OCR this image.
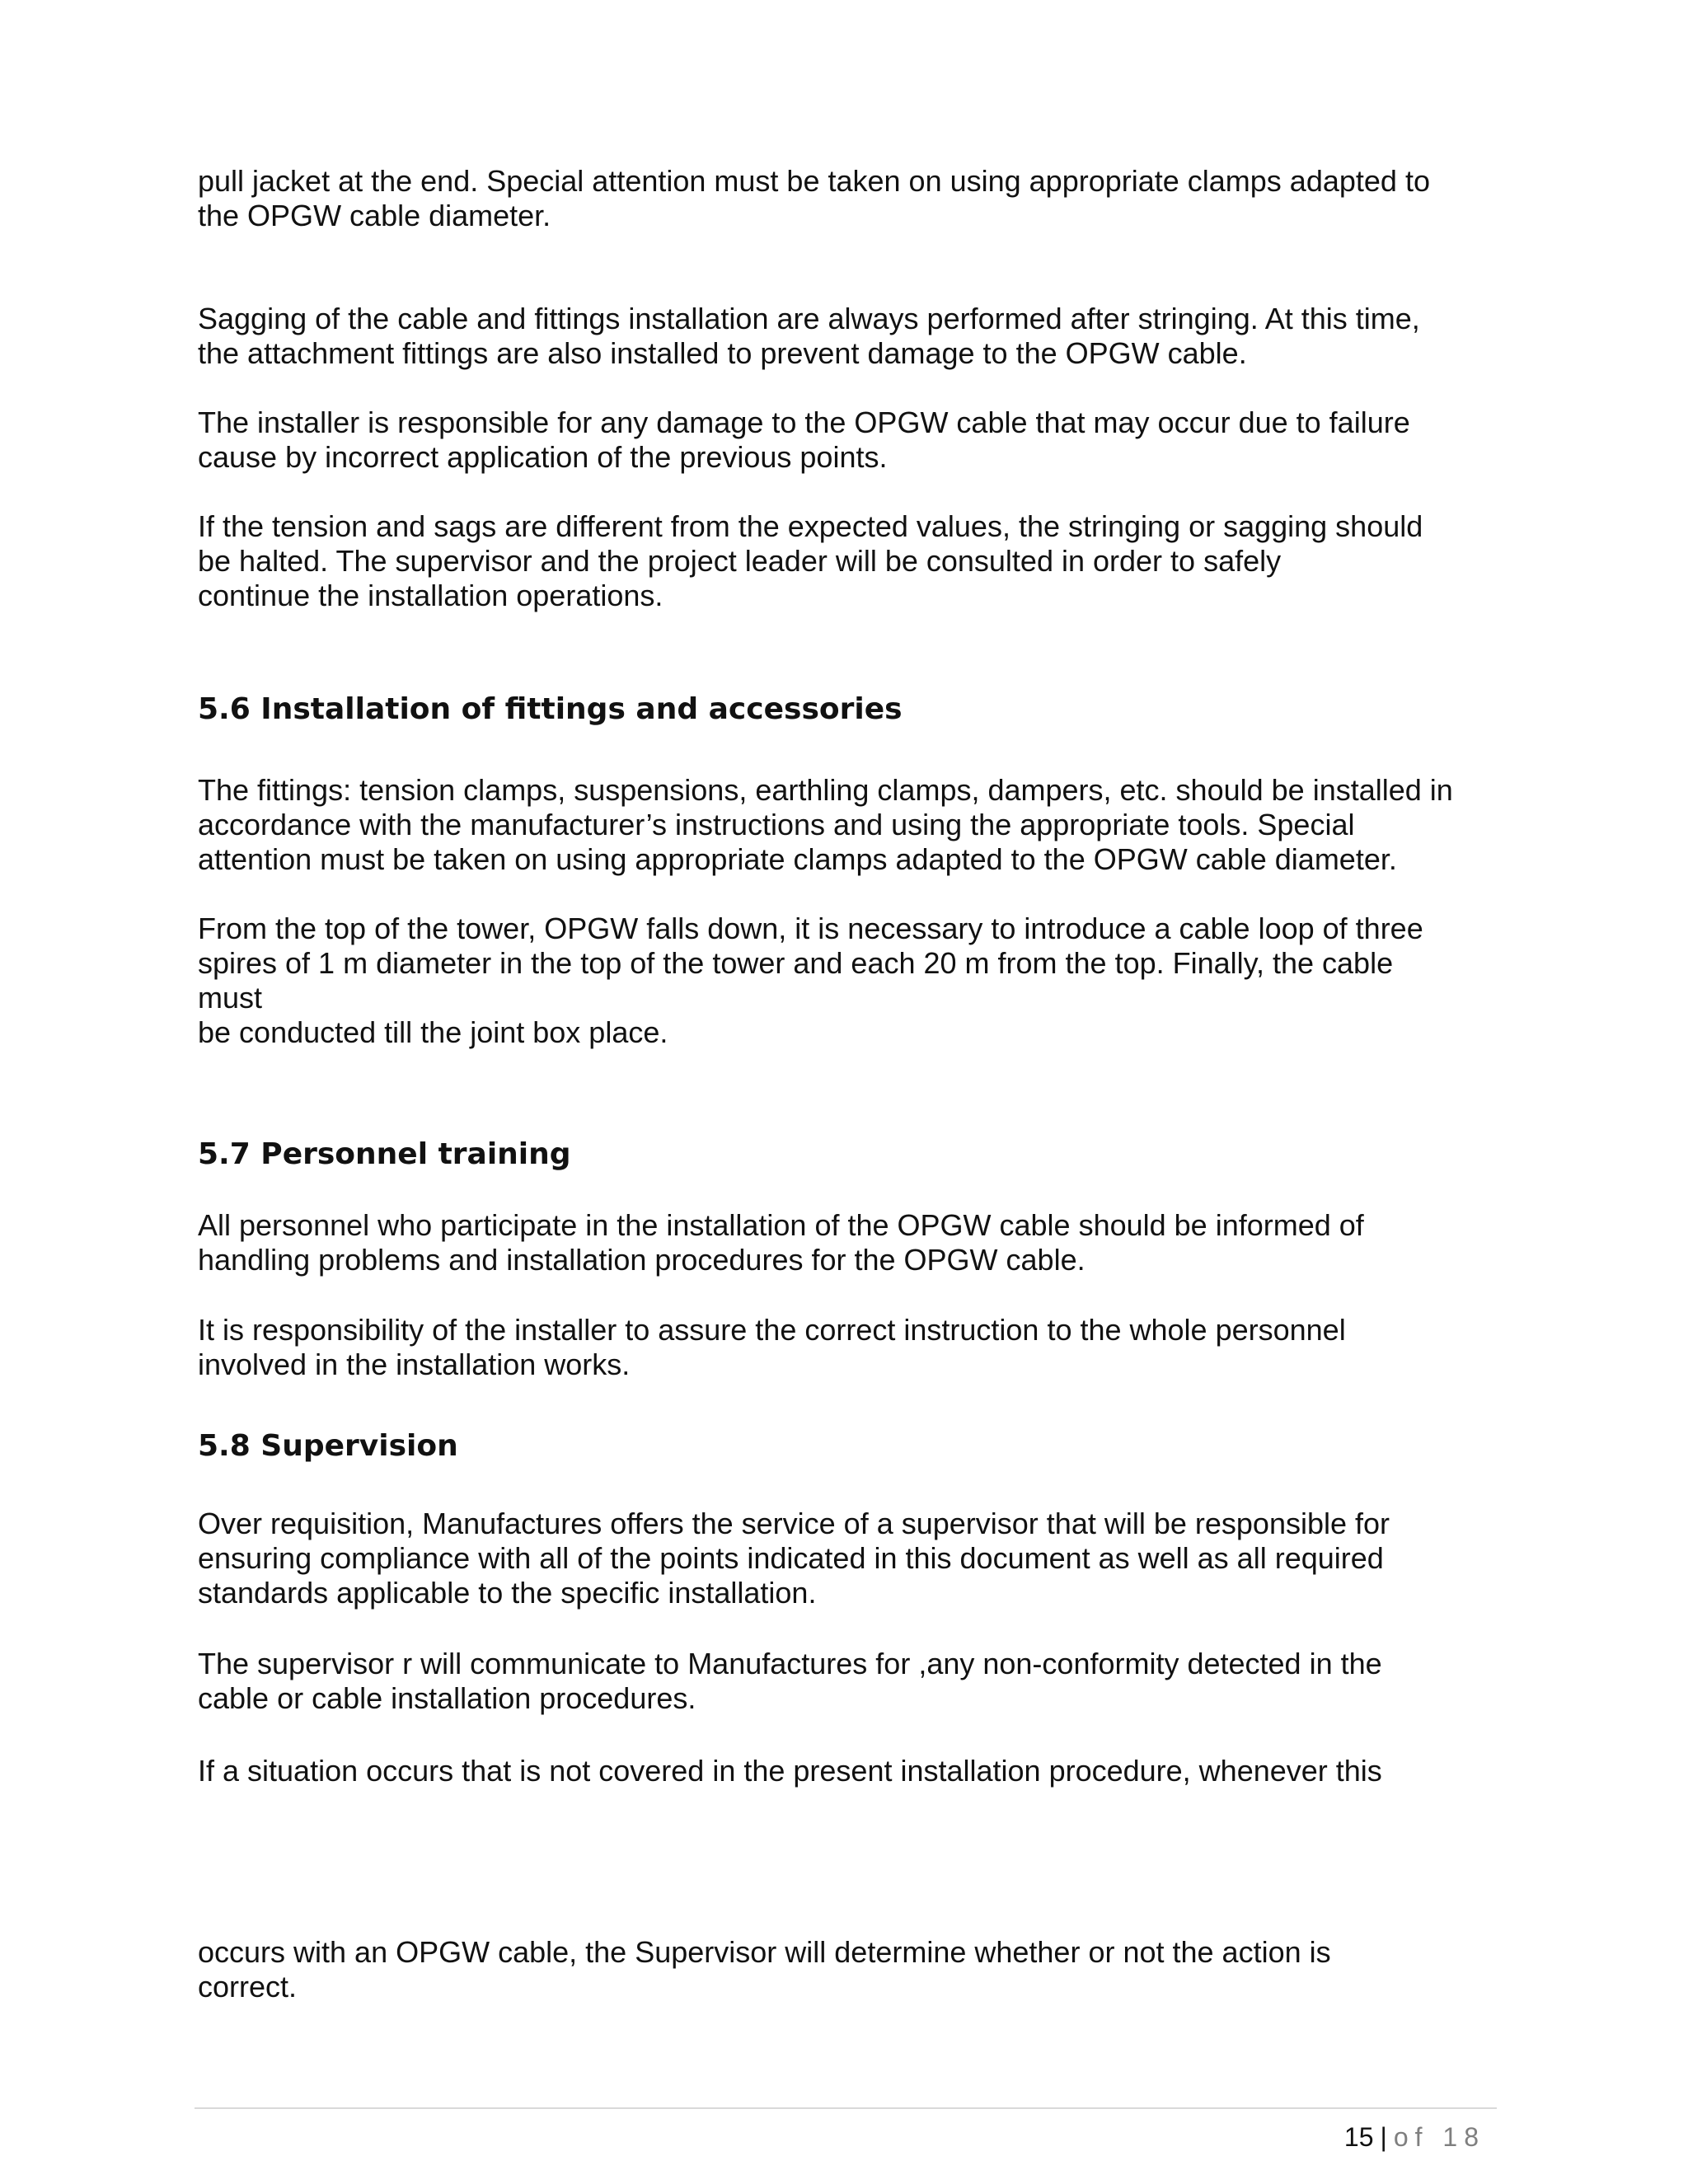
pull jacket at the end. Special attention must be taken on using appropriate clamps adapted to

the OPGW cable diameter.

Sagging of the cable and fittings installation are always performed after stringing. At this time,

the attachment fittings are also installed to prevent damage to the OPGW cable.

The installer is responsible for any damage to the OPGW cable that may occur due to failure

cause by incorrect application of the previous points.

If the tension and sags are different from the expected values, the stringing or sagging should

be halted. The supervisor and the project leader will be consulted in order to safely

continue the installation operations.

5.6 Installation of fittings and accessories

The fittings: tension clamps, suspensions, earthling clamps, dampers, etc. should be installed in

accordance with the manufacturer’s instructions and using the appropriate tools. Special

attention must be taken on using appropriate clamps adapted to the OPGW cable diameter.

From the top of the tower, OPGW falls down, it is necessary to introduce a cable loop of three

spires of 1 m diameter in the top of the tower and each 20 m from the top. Finally, the cable

must

be conducted till the joint box place.

5.7 Personnel training

All personnel who participate in the installation of the OPGW cable should be informed of

handling problems and installation procedures for the OPGW cable.

It is responsibility of the installer to assure the correct instruction to the whole personnel

involved in the installation works.

5.8 Supervision

Over requisition, Manufactures offers the service of a supervisor that will be responsible for

ensuring compliance with all of the points indicated in this document as well as all required

standards applicable to the specific installation.

The supervisor r will communicate to Manufactures for ,any non-conformity detected in the

cable or cable installation procedures.

If a situation occurs that is not covered in the present installation procedure, whenever this

occurs with an OPGW cable, the Supervisor will determine whether or not the action is

correct.

15 | of 18
